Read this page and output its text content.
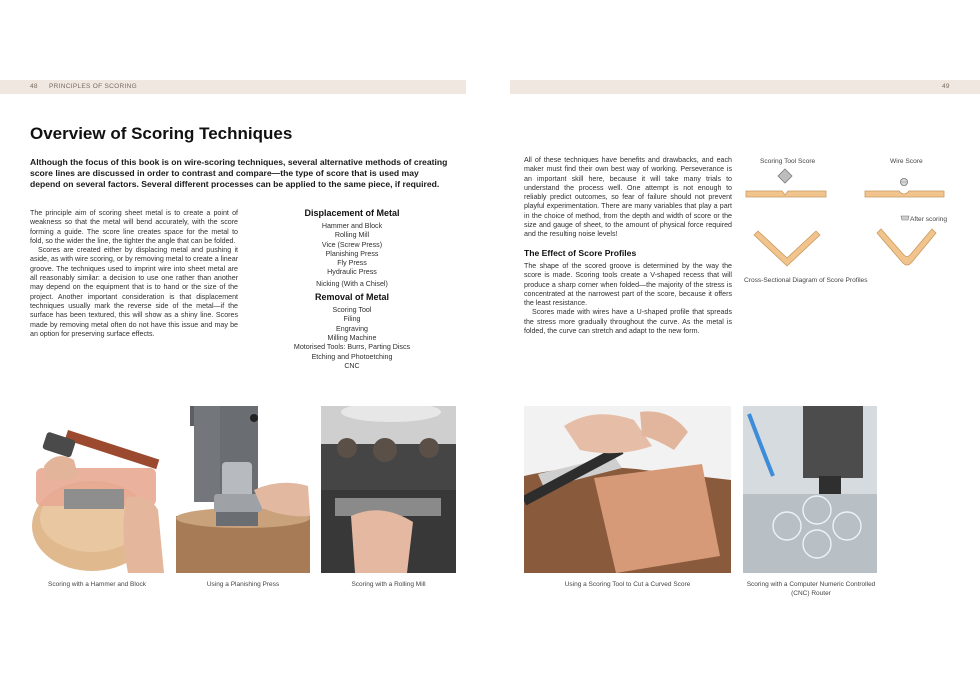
48 PRINCIPLES OF SCORING	49
Overview of Scoring Techniques
Although the focus of this book is on wire-scoring techniques, several alternative methods of creating score lines are discussed in order to contrast and compare—the type of score that is used may depend on several factors. Several different processes can be applied to the same piece, if required.

The principle aim of scoring sheet metal is to create a point of weakness so that the metal will bend accurately, with the score forming a guide. The score line creates space for the metal to fold, so the wider the line, the tighter the angle that can be folded.

Scores are created either by displacing metal and pushing it aside, as with wire scoring, or by removing metal to create a linear groove. The techniques used to imprint wire into sheet metal are all reasonably similar: a decision to use one rather than another may depend on the equipment that is to hand or the size of the project. Another important consideration is that displacement techniques usually mark the reverse side of the metal—if the surface has been textured, this will show as a shiny line. Scores made by removing metal often do not have this issue and may be an option for preserving surface effects.

Displacement of Metal
Hammer and Block
Rolling Mill
Vice (Screw Press)
Planishing Press
Fly Press
Hydraulic Press
Nicking (With a Chisel)
Removal of Metal
Scoring Tool
Filing
Engraving
Milling Machine
Motorised Tools: Burrs, Parting Discs
Etching and Photoetching
CNC
All of these techniques have benefits and drawbacks, and each maker must find their own best way of working. Perseverance is an important skill here, because it will take many trials to understand the process well. One attempt is not enough to reliably predict outcomes, so fear of failure should not prevent playful experimentation. There are many variables that play a part in the choice of method, from the depth and width of score or the size and gauge of sheet, to the amount of physical force required and the resulting noise levels!
The Effect of Score Profiles

The shape of the scored groove is determined by the way the score is made. Scoring tools create a V-shaped recess that will produce a sharp corner when folded—the majority of the stress is concentrated at the narrowest part of the score, because it offers the least resistance.

Scores made with wires have a U-shaped profile that spreads the stress more gradually throughout the curve. As the metal is folded, the curve can stretch and adapt to the new form.

Scoring Tool Score	Wire Score
After scoring
Cross-Sectional Diagram of Score Profiles
Scoring with a Hammer and Block	Using a Planishing Press	Scoring with a Rolling Mill	Using a Scoring Tool to Cut a Curved Score	Scoring with a Computer Numeric Controlled (CNC) Router
